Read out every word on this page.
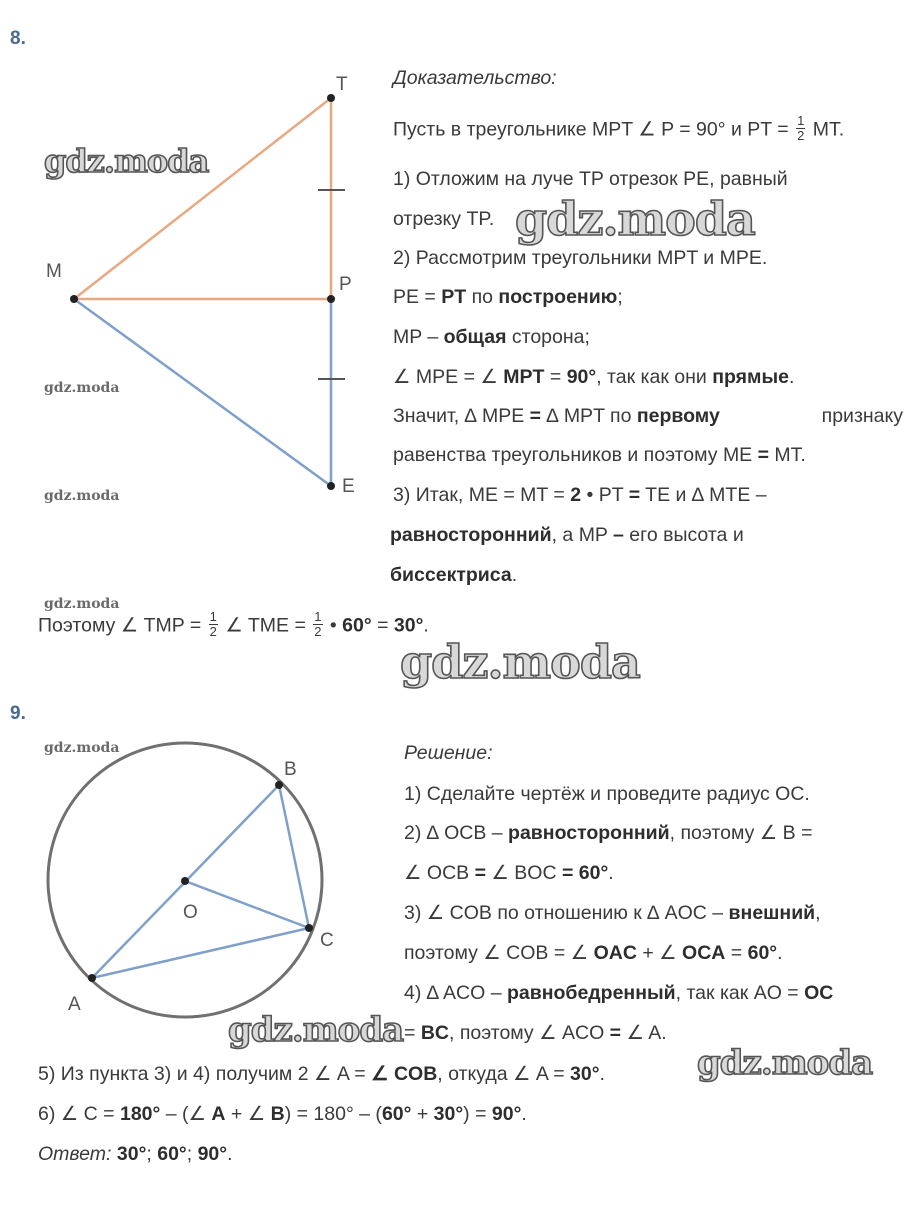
8.
T
M
P
E
B
O
C
A
Доказательство:
Пусть в треугольнике MPT ∠ P = 90° и PT = $\frac{1}{2}$ MT.
1) Отложим на луче TP отрезок PE, равный
отрезку TP.
2) Рассмотрим треугольники MPT и MPE.
PE = PT по построению;
MP – общая сторона;
∠ MPE = ∠ MPT = 90°, так как они прямые.
Значит, ∆ MPE = ∆ MPT по первому	признаку
равенства треугольников и поэтому ME = MT.
3) Итак, ME = MT = 2 • PT = TE и ∆ MTE –
равносторонний, а MP – его высота и
биссектриса.
Поэтому ∠ TMP = $\frac{1}{2}$ ∠ TME = $\frac{1}{2}$ • 60° = 30°.
9.
Решение:
1) Сделайте чертёж и проведите радиус OC.
2) ∆ OCB – равносторонний, поэтому ∠ B =
∠ OCB = ∠ BOC = 60°.
3) ∠ COB по отношению к ∆ AOC – внешний,
поэтому ∠ COB = ∠ OAC + ∠ OCA = 60°.
4) ∆ ACO – равнобедренный, так как AO = OC
= BC, поэтому ∠ ACO = ∠ A.
5) Из пункта 3) и 4) получим 2 ∠ A = ∠ COB, откуда ∠ A = 30°.
6) ∠ C = 180° – (∠ A + ∠ B) = 180° – (60° + 30°) = 90°.
Ответ: 30°; 60°; 90°.
gdz.moda
gdz.moda
gdz.moda
gdz.moda
gdz.moda
gdz.moda
gdz.moda
gdz.moda
gdz.moda
